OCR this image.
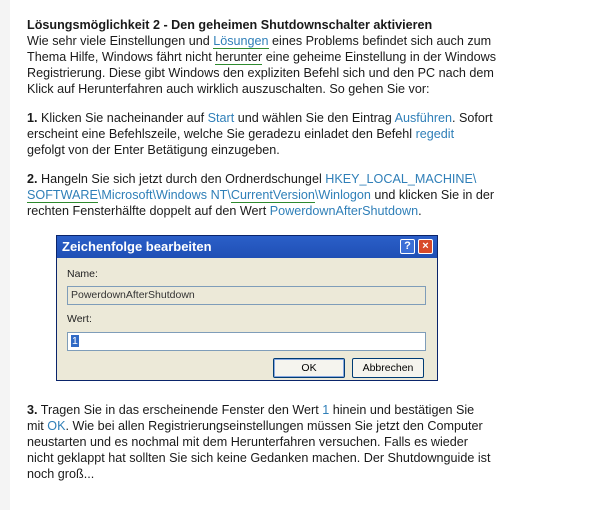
Lösungsmöglichkeit 2 - Den geheimen Shutdownschalter aktivieren

Wie sehr viele Einstellungen und Lösungen eines Problems befindet sich auch zum
Thema Hilfe, Windows fährt nicht herunter eine geheime Einstellung in der Windows
Registrierung. Diese gibt Windows den expliziten Befehl sich und den PC nach dem
Klick auf Herunterfahren auch wirklich auszuschalten. So gehen Sie vor:

1. Klicken Sie nacheinander auf Start und wählen Sie den Eintrag Ausführen. Sofort
erscheint eine Befehlszeile, welche Sie geradezu einladet den Befehl regedit
gefolgt von der Enter Betätigung einzugeben.

2. Hangeln Sie sich jetzt durch den Ordnerdschungel HKEY_LOCAL_MACHINE\
SOFTWARE\Microsoft\Windows NT\CurrentVersion\Winlogon und klicken Sie in der
rechten Fensterhälfte doppelt auf den Wert PowerdownAfterShutdown.

Zeichenfolge bearbeiten	?	×
Name:
PowerdownAfterShutdown
Wert:
1
OK	Abbrechen

3. Tragen Sie in das erscheinende Fenster den Wert 1 hinein und bestätigen Sie
mit OK. Wie bei allen Registrierungseinstellungen müssen Sie jetzt den Computer
neustarten und es nochmal mit dem Herunterfahren versuchen. Falls es wieder
nicht geklappt hat sollten Sie sich keine Gedanken machen. Der Shutdownguide ist
noch groß...
